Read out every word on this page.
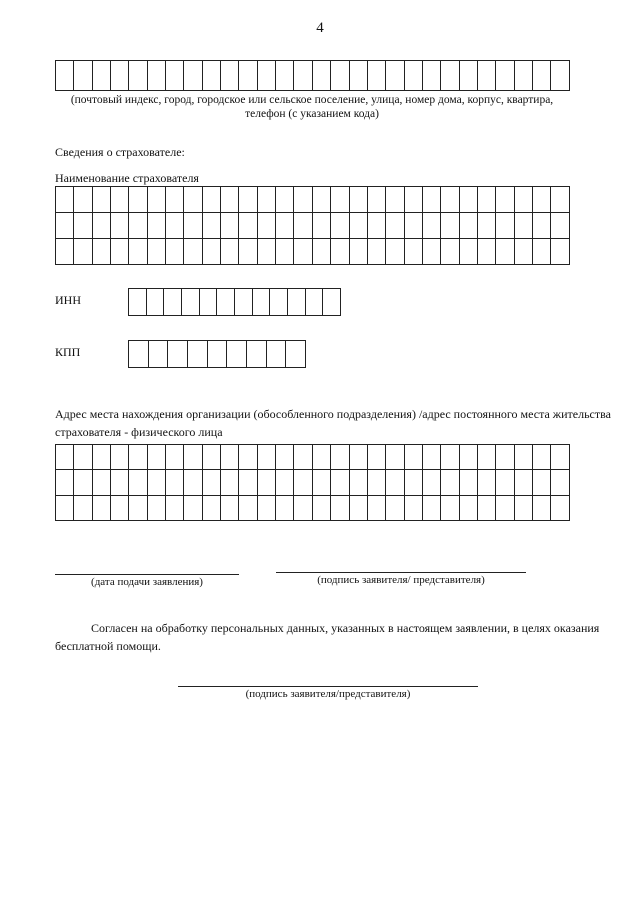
4
(почтовый индекс, город, городское или сельское поселение, улица, номер дома, корпус, квартира,
телефон (с указанием кода)
Сведения о страхователе:
Наименование страхователя
ИНН
КПП
Адрес места нахождения организации (обособленного подразделения) /адрес постоянного места жительства
страхователя - физического лица
(дата подачи заявления)	(подпись заявителя/ представителя)
Согласен на обработку персональных данных, указанных в настоящем заявлении, в целях оказания
бесплатной помощи.
(подпись заявителя/представителя)
